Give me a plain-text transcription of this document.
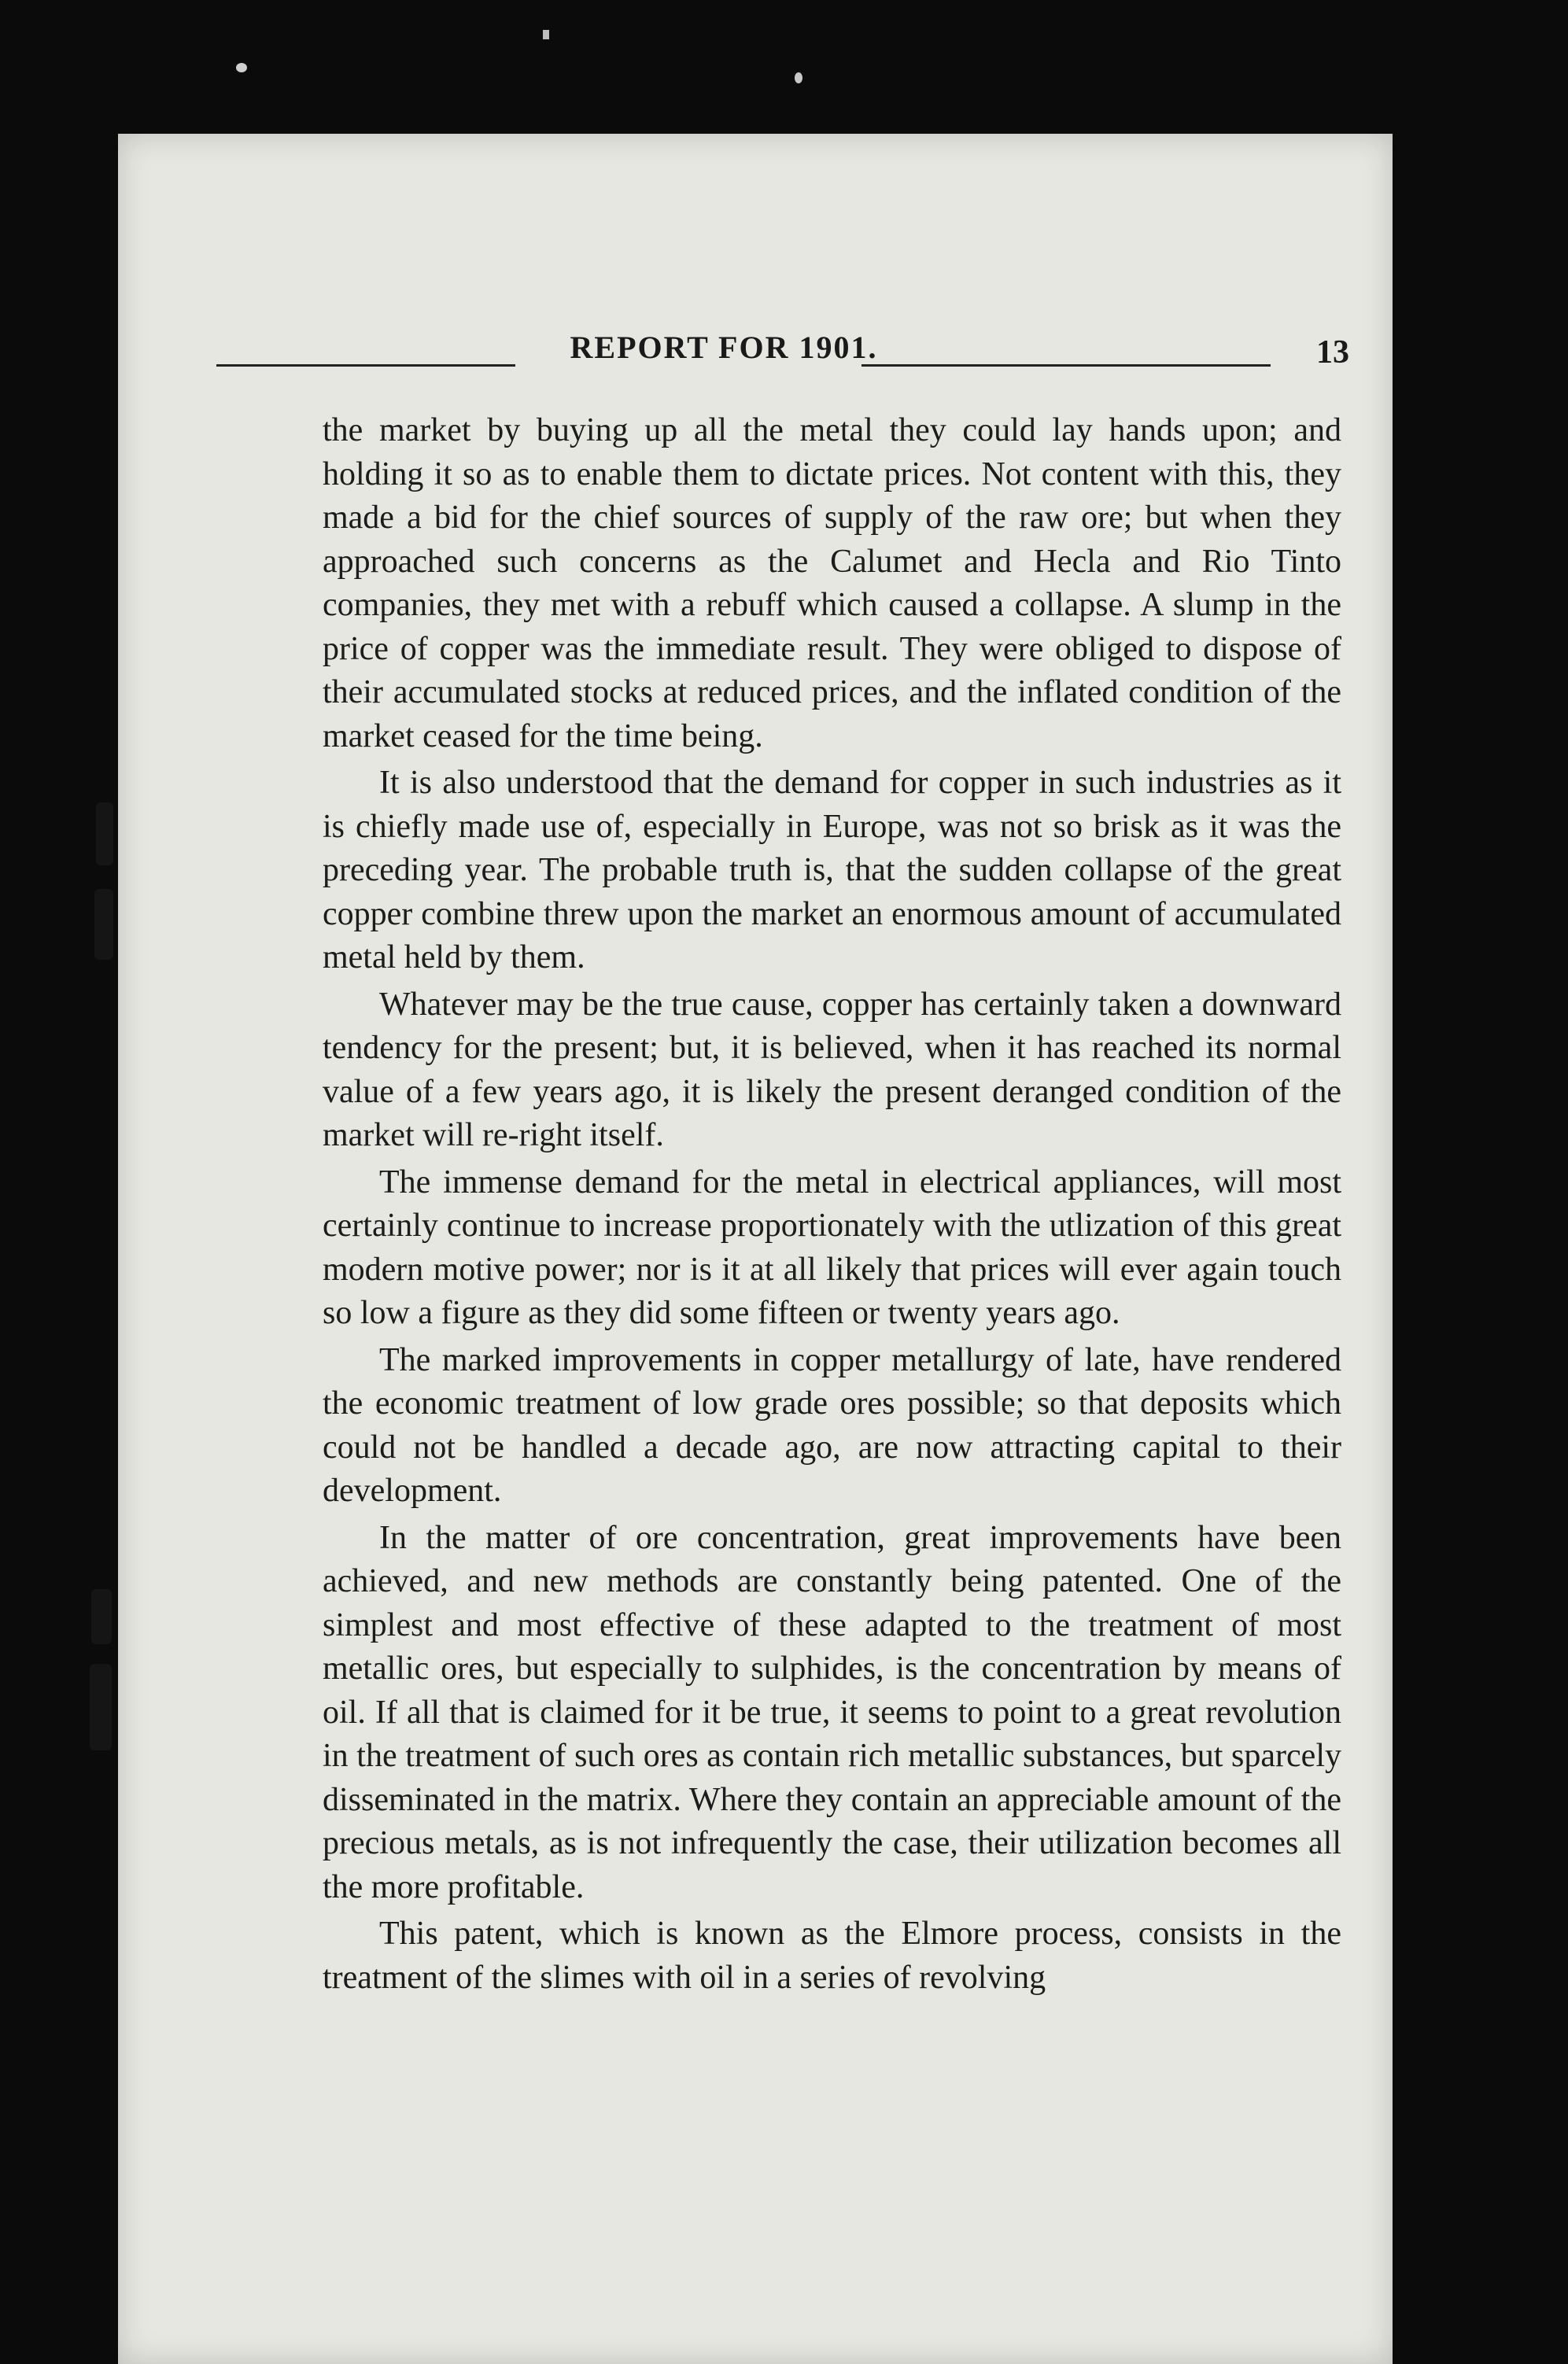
REPORT FOR 1901.	13

the market by buying up all the metal they could lay hands upon; and holding it so as to enable them to dictate prices. Not content with this, they made a bid for the chief sources of supply of the raw ore; but when they approached such concerns as the Calumet and Hecla and Rio Tinto companies, they met with a rebuff which caused a collapse. A slump in the price of copper was the immediate result. They were obliged to dispose of their accumulated stocks at reduced prices, and the inflated condition of the market ceased for the time being.

It is also understood that the demand for copper in such industries as it is chiefly made use of, especially in Europe, was not so brisk as it was the preceding year. The probable truth is, that the sudden collapse of the great copper combine threw upon the market an enormous amount of accumulated metal held by them.

Whatever may be the true cause, copper has certainly taken a downward tendency for the present; but, it is believed, when it has reached its normal value of a few years ago, it is likely the present deranged condition of the market will re-right itself.

The immense demand for the metal in electrical appliances, will most certainly continue to increase proportionately with the utlization of this great modern motive power; nor is it at all likely that prices will ever again touch so low a figure as they did some fifteen or twenty years ago.

The marked improvements in copper metallurgy of late, have rendered the economic treatment of low grade ores possible; so that deposits which could not be handled a decade ago, are now attracting capital to their development.

In the matter of ore concentration, great improvements have been achieved, and new methods are constantly being patented. One of the simplest and most effective of these adapted to the treatment of most metallic ores, but especially to sulphides, is the concentration by means of oil. If all that is claimed for it be true, it seems to point to a great revolution in the treatment of such ores as contain rich metallic substances, but sparcely disseminated in the matrix. Where they contain an appreciable amount of the precious metals, as is not infrequently the case, their utilization becomes all the more profitable.

This patent, which is known as the Elmore process, consists in the treatment of the slimes with oil in a series of revolving
